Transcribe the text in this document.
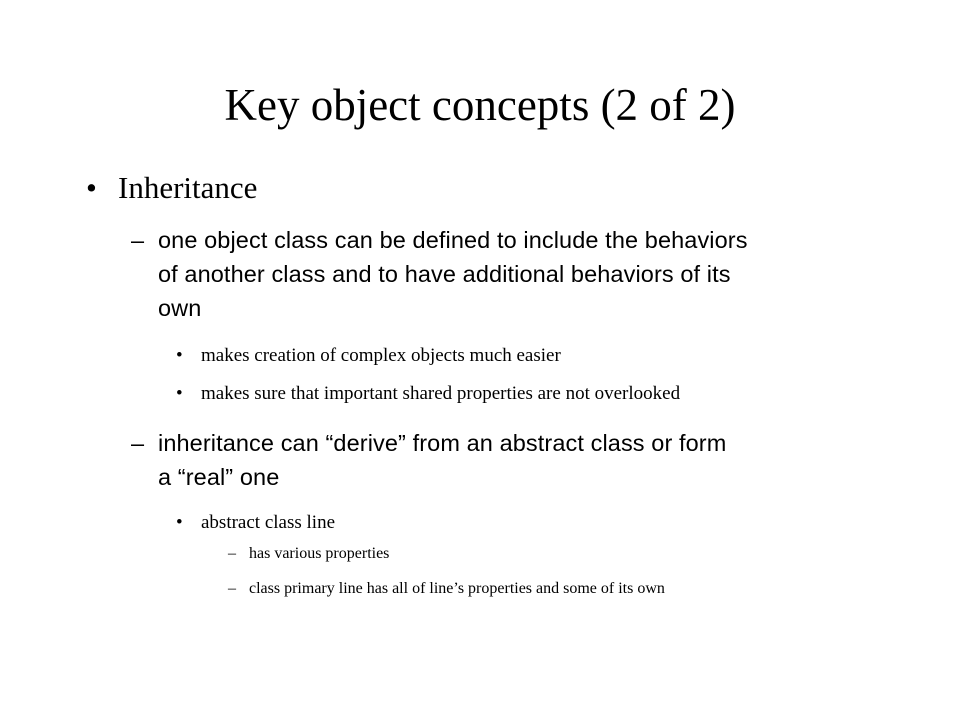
Key object concepts (2 of 2)
• Inheritance
– one object class can be defined to include the behaviors
of another class and to have additional behaviors of its
own
• makes creation of complex objects much easier
• makes sure that important shared properties are not overlooked
– inheritance can “derive” from an abstract class or form
a “real” one
• abstract class line
– has various properties
– class primary line has all of line’s properties and some of its own
